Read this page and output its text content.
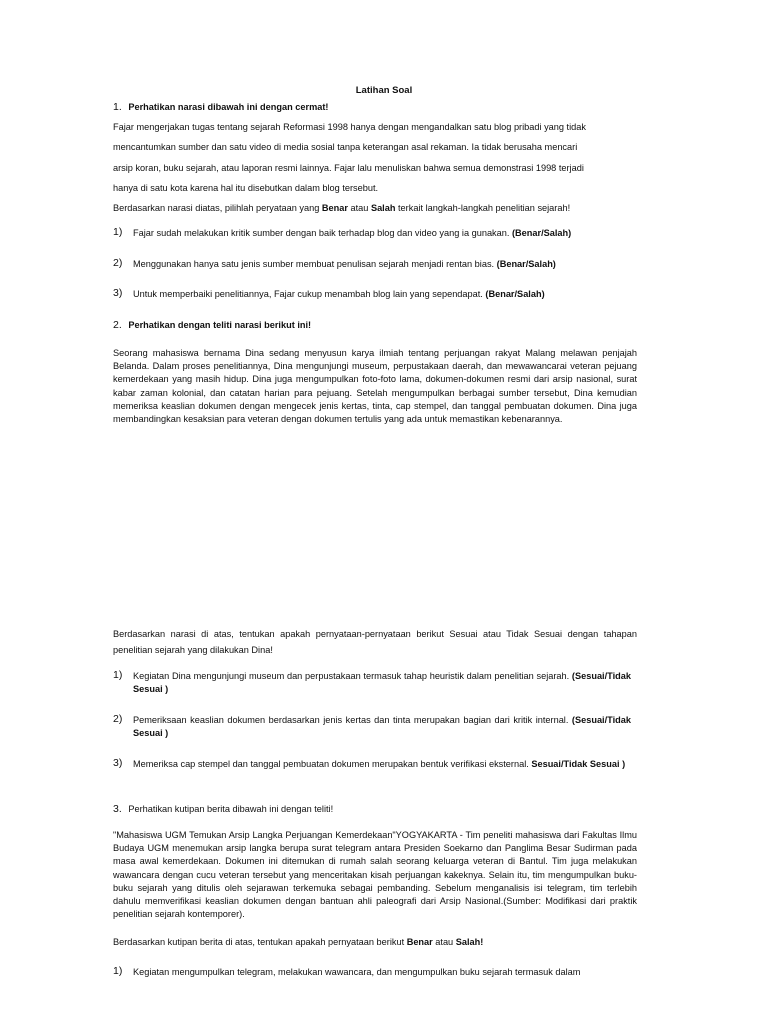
Latihan Soal
1. Perhatikan narasi dibawah ini dengan cermat!
Fajar mengerjakan tugas tentang sejarah Reformasi 1998 hanya dengan mengandalkan satu blog pribadi yang tidak
mencantumkan sumber dan satu video di media sosial tanpa keterangan asal rekaman. Ia tidak berusaha mencari
arsip koran, buku sejarah, atau laporan resmi lainnya. Fajar lalu menuliskan bahwa semua demonstrasi 1998 terjadi
hanya di satu kota karena hal itu disebutkan dalam blog tersebut.
Berdasarkan narasi diatas, pilihlah peryataan yang Benar atau Salah terkait langkah-langkah penelitian sejarah!
1) Fajar sudah melakukan kritik sumber dengan baik terhadap blog dan video yang ia gunakan. (Benar/Salah)
2) Menggunakan hanya satu jenis sumber membuat penulisan sejarah menjadi rentan bias. (Benar/Salah)
3) Untuk memperbaiki penelitiannya, Fajar cukup menambah blog lain yang sependapat. (Benar/Salah)
2. Perhatikan dengan teliti narasi berikut ini!
Seorang mahasiswa bernama Dina sedang menyusun karya ilmiah tentang perjuangan rakyat Malang melawan penjajah Belanda. Dalam proses penelitiannya, Dina mengunjungi museum, perpustakaan daerah, dan mewawancarai veteran pejuang kemerdekaan yang masih hidup. Dina juga mengumpulkan foto-foto lama, dokumen-dokumen resmi dari arsip nasional, surat kabar zaman kolonial, dan catatan harian para pejuang. Setelah mengumpulkan berbagai sumber tersebut, Dina kemudian memeriksa keaslian dokumen dengan mengecek jenis kertas, tinta, cap stempel, dan tanggal pembuatan dokumen. Dina juga membandingkan kesaksian para veteran dengan dokumen tertulis yang ada untuk memastikan kebenarannya.
Berdasarkan narasi di atas, tentukan apakah pernyataan-pernyataan berikut Sesuai atau Tidak Sesuai dengan tahapan penelitian sejarah yang dilakukan Dina!
1) Kegiatan Dina mengunjungi museum dan perpustakaan termasuk tahap heuristik dalam penelitian sejarah. (Sesuai/Tidak Sesuai )
2) Pemeriksaan keaslian dokumen berdasarkan jenis kertas dan tinta merupakan bagian dari kritik internal. (Sesuai/Tidak Sesuai )
3) Memeriksa cap stempel dan tanggal pembuatan dokumen merupakan bentuk verifikasi eksternal. Sesuai/Tidak Sesuai )
3. Perhatikan kutipan berita dibawah ini dengan teliti!
"Mahasiswa UGM Temukan Arsip Langka Perjuangan Kemerdekaan"YOGYAKARTA - Tim peneliti mahasiswa dari Fakultas Ilmu Budaya UGM menemukan arsip langka berupa surat telegram antara Presiden Soekarno dan Panglima Besar Sudirman pada masa awal kemerdekaan. Dokumen ini ditemukan di rumah salah seorang keluarga veteran di Bantul. Tim juga melakukan wawancara dengan cucu veteran tersebut yang menceritakan kisah perjuangan kakeknya. Selain itu, tim mengumpulkan buku-buku sejarah yang ditulis oleh sejarawan terkemuka sebagai pembanding. Sebelum menganalisis isi telegram, tim terlebih dahulu memverifikasi keaslian dokumen dengan bantuan ahli paleografi dari Arsip Nasional.(Sumber: Modifikasi dari praktik penelitian sejarah kontemporer).
Berdasarkan kutipan berita di atas, tentukan apakah pernyataan berikut Benar atau Salah!
1) Kegiatan mengumpulkan telegram, melakukan wawancara, dan mengumpulkan buku sejarah termasuk dalam
